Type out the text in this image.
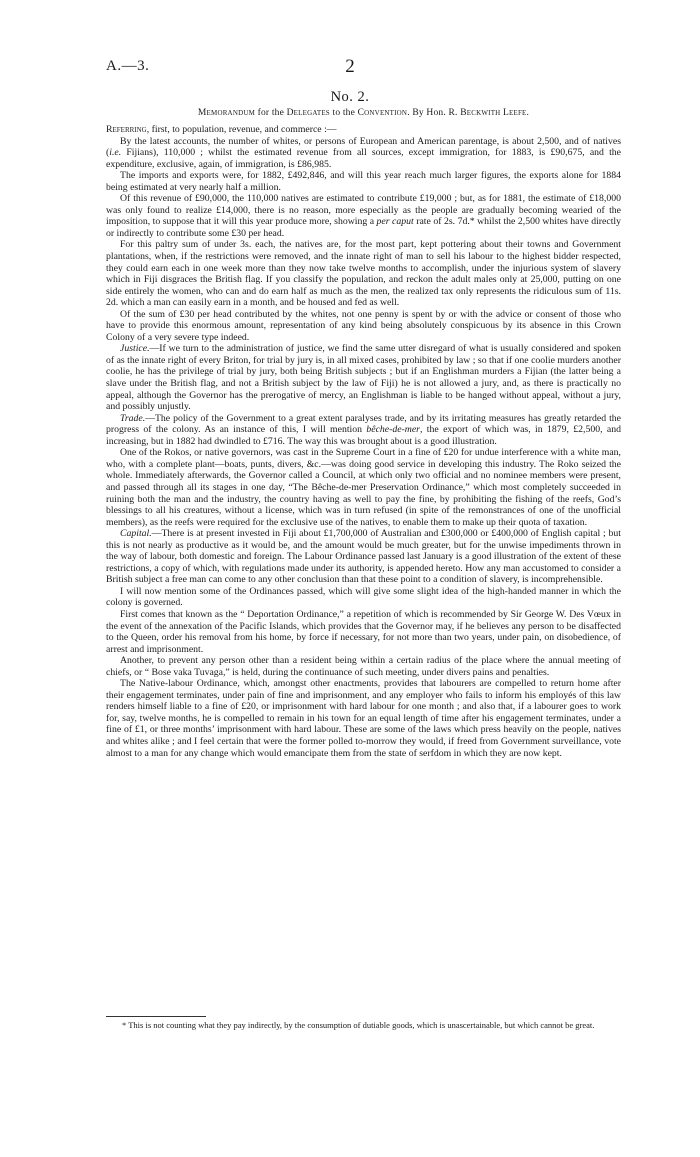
A.—3.	2
No. 2.
Memorandum for the Delegates to the Convention. By Hon. R. Beckwith Leefe.

Referring, first, to population, revenue, and commerce :—

By the latest accounts, the number of whites, or persons of European and American parentage, is about 2,500, and of natives (i.e. Fijians), 110,000 ; whilst the estimated revenue from all sources, except immigration, for 1883, is £90,675, and the expenditure, exclusive, again, of immigration, is £86,985.

The imports and exports were, for 1882, £492,846, and will this year reach much larger figures, the exports alone for 1884 being estimated at very nearly half a million.

Of this revenue of £90,000, the 110,000 natives are estimated to contribute £19,000 ; but, as for 1881, the estimate of £18,000 was only found to realize £14,000, there is no reason, more especially as the people are gradually becoming wearied of the imposition, to suppose that it will this year produce more, showing a per caput rate of 2s. 7d.* whilst the 2,500 whites have directly or indirectly to contribute some £30 per head.

For this paltry sum of under 3s. each, the natives are, for the most part, kept pottering about their towns and Government plantations, when, if the restrictions were removed, and the innate right of man to sell his labour to the highest bidder respected, they could earn each in one week more than they now take twelve months to accomplish, under the injurious system of slavery which in Fiji disgraces the British flag. If you classify the population, and reckon the adult males only at 25,000, putting on one side entirely the women, who can and do earn half as much as the men, the realized tax only represents the ridiculous sum of 11s. 2d. which a man can easily earn in a month, and be housed and fed as well.

Of the sum of £30 per head contributed by the whites, not one penny is spent by or with the advice or consent of those who have to provide this enormous amount, representation of any kind being absolutely conspicuous by its absence in this Crown Colony of a very severe type indeed.

Justice.—If we turn to the administration of justice, we find the same utter disregard of what is usually considered and spoken of as the innate right of every Briton, for trial by jury is, in all mixed cases, prohibited by law ; so that if one coolie murders another coolie, he has the privilege of trial by jury, both being British subjects ; but if an Englishman murders a Fijian (the latter being a slave under the British flag, and not a British subject by the law of Fiji) he is not allowed a jury, and, as there is practically no appeal, although the Governor has the prerogative of mercy, an Englishman is liable to be hanged without appeal, without a jury, and possibly unjustly.

Trade.—The policy of the Government to a great extent paralyses trade, and by its irritating measures has greatly retarded the progress of the colony. As an instance of this, I will mention bêche-de-mer, the export of which was, in 1879, £2,500, and increasing, but in 1882 had dwindled to £716. The way this was brought about is a good illustration.

One of the Rokos, or native governors, was cast in the Supreme Court in a fine of £20 for undue interference with a white man, who, with a complete plant—boats, punts, divers, &c.—was doing good service in developing this industry. The Roko seized the whole. Immediately afterwards, the Governor called a Council, at which only two official and no nominee members were present, and passed through all its stages in one day, “The Bêche-de-mer Preservation Ordinance,” which most completely succeeded in ruining both the man and the industry, the country having as well to pay the fine, by prohibiting the fishing of the reefs, God’s blessings to all his creatures, without a license, which was in turn refused (in spite of the remonstrances of one of the unofficial members), as the reefs were required for the exclusive use of the natives, to enable them to make up their quota of taxation.

Capital.—There is at present invested in Fiji about £1,700,000 of Australian and £300,000 or £400,000 of English capital ; but this is not nearly as productive as it would be, and the amount would be much greater, but for the unwise impediments thrown in the way of labour, both domestic and foreign. The Labour Ordinance passed last January is a good illustration of the extent of these restrictions, a copy of which, with regulations made under its authority, is appended hereto. How any man accustomed to consider a British subject a free man can come to any other conclusion than that these point to a condition of slavery, is incomprehensible.

I will now mention some of the Ordinances passed, which will give some slight idea of the high-handed manner in which the colony is governed.

First comes that known as the “ Deportation Ordinance,” a repetition of which is recommended by Sir George W. Des Vœux in the event of the annexation of the Pacific Islands, which provides that the Governor may, if he believes any person to be disaffected to the Queen, order his removal from his home, by force if necessary, for not more than two years, under pain, on disobedience, of arrest and imprisonment.

Another, to prevent any person other than a resident being within a certain radius of the place where the annual meeting of chiefs, or “ Bose vaka Tuvaga,” is held, during the continuance of such meeting, under divers pains and penalties.

The Native-labour Ordinance, which, amongst other enactments, provides that labourers are compelled to return home after their engagement terminates, under pain of fine and imprisonment, and any employer who fails to inform his employés of this law renders himself liable to a fine of £20, or imprisonment with hard labour for one month ; and also that, if a labourer goes to work for, say, twelve months, he is compelled to remain in his town for an equal length of time after his engagement terminates, under a fine of £1, or three months’ imprisonment with hard labour. These are some of the laws which press heavily on the people, natives and whites alike ; and I feel certain that were the former polled to-morrow they would, if freed from Government surveillance, vote almost to a man for any change which would emancipate them from the state of serfdom in which they are now kept.

* This is not counting what they pay indirectly, by the consumption of dutiable goods, which is unascertainable, but which cannot be great.
